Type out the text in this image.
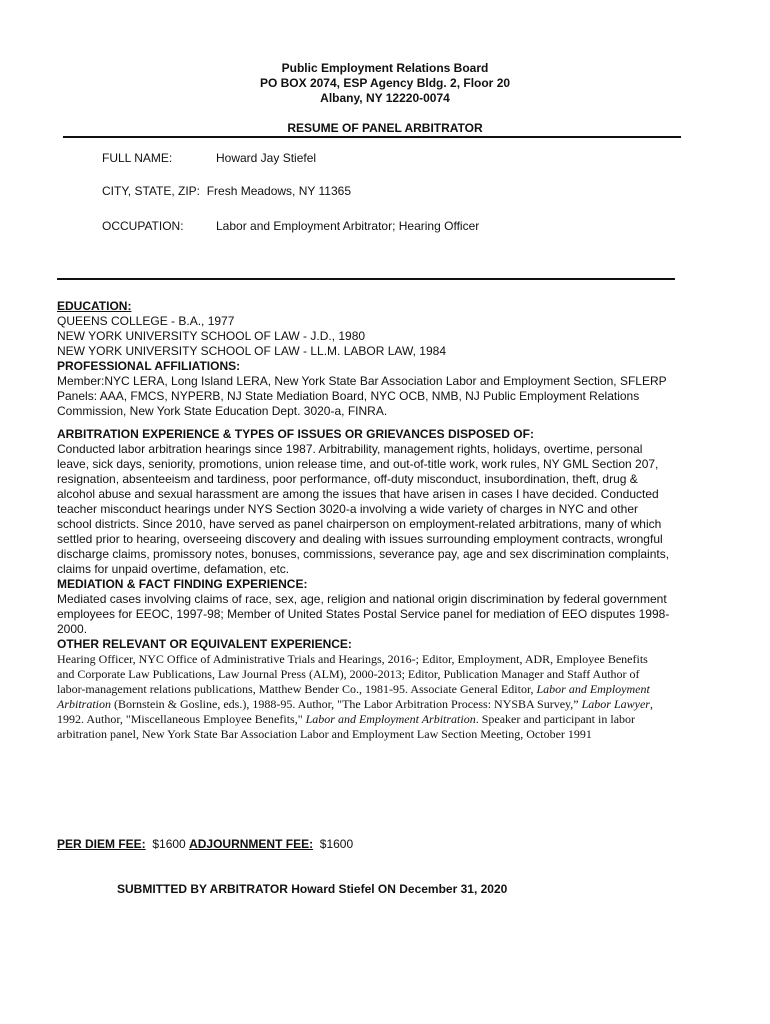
Public Employment Relations Board
PO BOX 2074, ESP Agency Bldg. 2, Floor 20
Albany, NY 12220-0074
RESUME OF PANEL ARBITRATOR
FULL NAME:	Howard Jay Stiefel
CITY, STATE, ZIP: Fresh Meadows, NY 11365
OCCUPATION:	Labor and Employment Arbitrator; Hearing Officer

EDUCATION:

QUEENS COLLEGE - B.A., 1977

NEW YORK UNIVERSITY SCHOOL OF LAW - J.D., 1980

NEW YORK UNIVERSITY SCHOOL OF LAW - LL.M. LABOR LAW, 1984

PROFESSIONAL AFFILIATIONS:

Member:NYC LERA, Long Island LERA, New York State Bar Association Labor and Employment Section, SFLERP

Panels: AAA, FMCS, NYPERB, NJ State Mediation Board, NYC OCB, NMB, NJ Public Employment Relations

Commission, New York State Education Dept. 3020-a, FINRA.

ARBITRATION EXPERIENCE & TYPES OF ISSUES OR GRIEVANCES DISPOSED OF:

Conducted labor arbitration hearings since 1987. Arbitrability, management rights, holidays, overtime, personal

leave, sick days, seniority, promotions, union release time, and out-of-title work, work rules, NY GML Section 207,

resignation, absenteeism and tardiness, poor performance, off-duty misconduct, insubordination, theft, drug &

alcohol abuse and sexual harassment are among the issues that have arisen in cases I have decided. Conducted

teacher misconduct hearings under NYS Section 3020-a involving a wide variety of charges in NYC and other

school districts. Since 2010, have served as panel chairperson on employment-related arbitrations, many of which

settled prior to hearing, overseeing discovery and dealing with issues surrounding employment contracts, wrongful

discharge claims, promissory notes, bonuses, commissions, severance pay, age and sex discrimination complaints,

claims for unpaid overtime, defamation, etc.

MEDIATION & FACT FINDING EXPERIENCE:

Mediated cases involving claims of race, sex, age, religion and national origin discrimination by federal government

employees for EEOC, 1997-98; Member of United States Postal Service panel for mediation of EEO disputes 1998-

2000.

OTHER RELEVANT OR EQUIVALENT EXPERIENCE:

Hearing Officer, NYC Office of Administrative Trials and Hearings, 2016-; Editor, Employment, ADR, Employee Benefits

and Corporate Law Publications, Law Journal Press (ALM), 2000-2013; Editor, Publication Manager and Staff Author of

labor-management relations publications, Matthew Bender Co., 1981-95. Associate General Editor, Labor and Employment

Arbitration (Bornstein & Gosline, eds.), 1988-95. Author, "The Labor Arbitration Process: NYSBA Survey,” Labor Lawyer,

1992. Author, "Miscellaneous Employee Benefits," Labor and Employment Arbitration. Speaker and participant in labor

arbitration panel, New York State Bar Association Labor and Employment Law Section Meeting, October 1991

PER DIEM FEE: $1600 ADJOURNMENT FEE: $1600
SUBMITTED BY ARBITRATOR Howard Stiefel ON December 31, 2020
